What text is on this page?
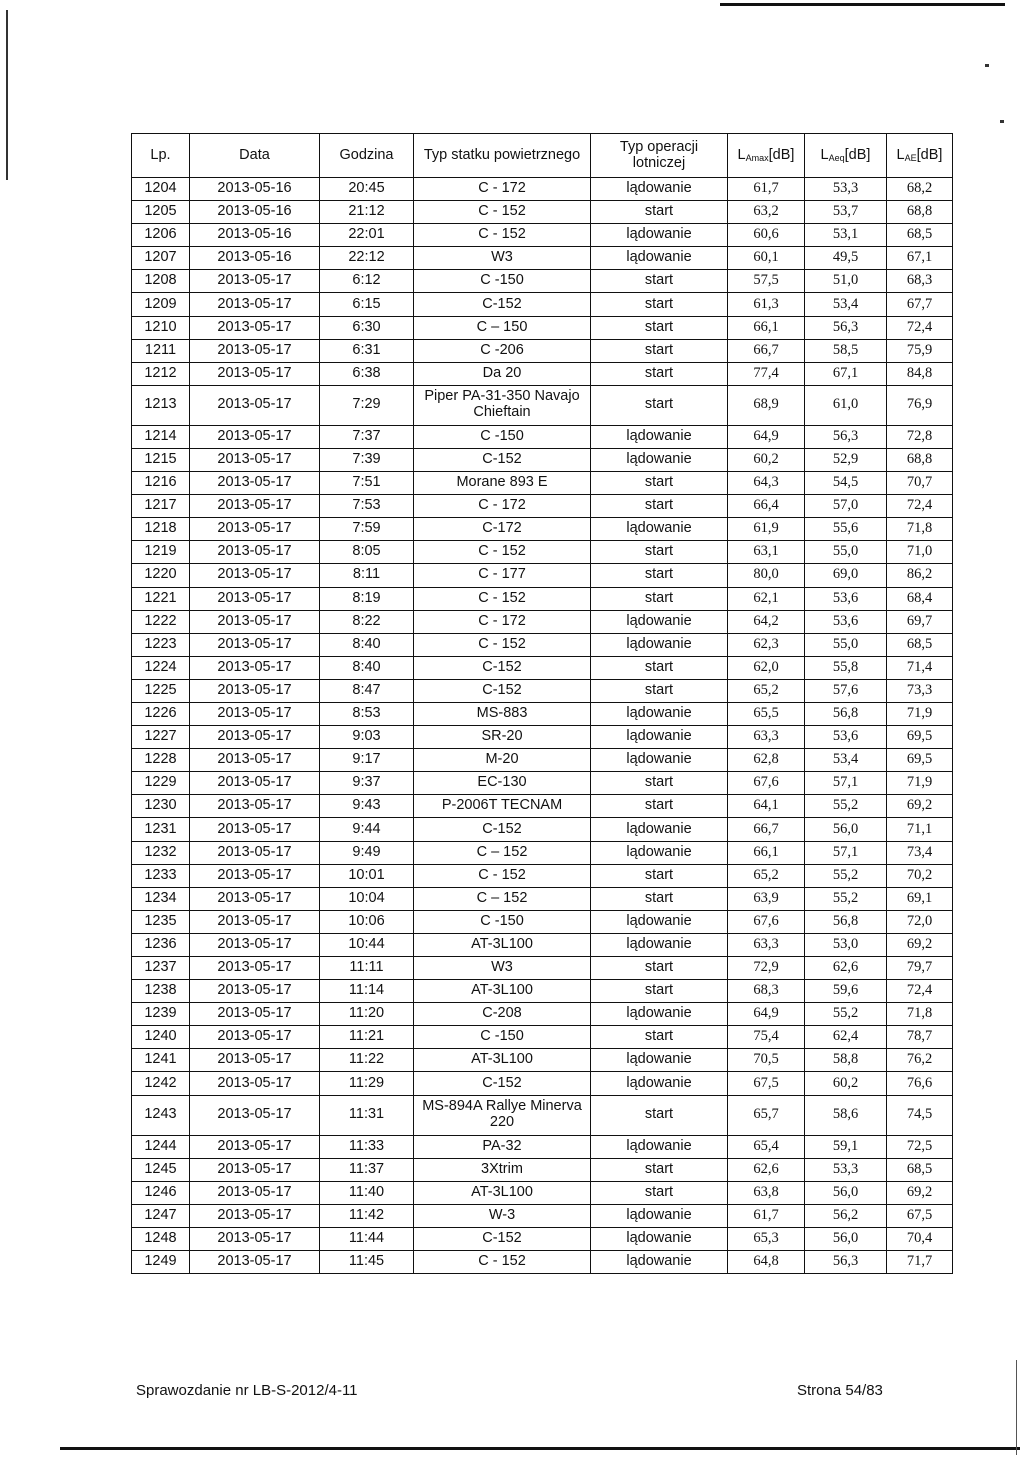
Lp.	Data	Godzina	Typ statku powietrznego	Typ operacji lotniczej	$L_{Amax}[dB]$	$L_{Aeq}[dB]$	$L_{AE}[dB]$
1204	2013-05-16	20:45	C - 172	lądowanie	61,7	53,3	68,2
1205	2013-05-16	21:12	C - 152	start	63,2	53,7	68,8
1206	2013-05-16	22:01	C - 152	lądowanie	60,6	53,1	68,5
1207	2013-05-16	22:12	W3	lądowanie	60,1	49,5	67,1
1208	2013-05-17	6:12	C -150	start	57,5	51,0	68,3
1209	2013-05-17	6:15	C-152	start	61,3	53,4	67,7
1210	2013-05-17	6:30	C – 150	start	66,1	56,3	72,4
1211	2013-05-17	6:31	C -206	start	66,7	58,5	75,9
1212	2013-05-17	6:38	Da 20	start	77,4	67,1	84,8
1213	2013-05-17	7:29	Piper PA-31-350 Navajo Chieftain	start	68,9	61,0	76,9
1214	2013-05-17	7:37	C -150	lądowanie	64,9	56,3	72,8
1215	2013-05-17	7:39	C-152	lądowanie	60,2	52,9	68,8
1216	2013-05-17	7:51	Morane 893 E	start	64,3	54,5	70,7
1217	2013-05-17	7:53	C - 172	start	66,4	57,0	72,4
1218	2013-05-17	7:59	C-172	lądowanie	61,9	55,6	71,8
1219	2013-05-17	8:05	C - 152	start	63,1	55,0	71,0
1220	2013-05-17	8:11	C - 177	start	80,0	69,0	86,2
1221	2013-05-17	8:19	C - 152	start	62,1	53,6	68,4
1222	2013-05-17	8:22	C - 172	lądowanie	64,2	53,6	69,7
1223	2013-05-17	8:40	C - 152	lądowanie	62,3	55,0	68,5
1224	2013-05-17	8:40	C-152	start	62,0	55,8	71,4
1225	2013-05-17	8:47	C-152	start	65,2	57,6	73,3
1226	2013-05-17	8:53	MS-883	lądowanie	65,5	56,8	71,9
1227	2013-05-17	9:03	SR-20	lądowanie	63,3	53,6	69,5
1228	2013-05-17	9:17	M-20	lądowanie	62,8	53,4	69,5
1229	2013-05-17	9:37	EC-130	start	67,6	57,1	71,9
1230	2013-05-17	9:43	P-2006T TECNAM	start	64,1	55,2	69,2
1231	2013-05-17	9:44	C-152	lądowanie	66,7	56,0	71,1
1232	2013-05-17	9:49	C – 152	lądowanie	66,1	57,1	73,4
1233	2013-05-17	10:01	C - 152	start	65,2	55,2	70,2
1234	2013-05-17	10:04	C – 152	start	63,9	55,2	69,1
1235	2013-05-17	10:06	C -150	lądowanie	67,6	56,8	72,0
1236	2013-05-17	10:44	AT-3L100	lądowanie	63,3	53,0	69,2
1237	2013-05-17	11:11	W3	start	72,9	62,6	79,7
1238	2013-05-17	11:14	AT-3L100	start	68,3	59,6	72,4
1239	2013-05-17	11:20	C-208	lądowanie	64,9	55,2	71,8
1240	2013-05-17	11:21	C -150	start	75,4	62,4	78,7
1241	2013-05-17	11:22	AT-3L100	lądowanie	70,5	58,8	76,2
1242	2013-05-17	11:29	C-152	lądowanie	67,5	60,2	76,6
1243	2013-05-17	11:31	MS-894A Rallye Minerva 220	start	65,7	58,6	74,5
1244	2013-05-17	11:33	PA-32	lądowanie	65,4	59,1	72,5
1245	2013-05-17	11:37	3Xtrim	start	62,6	53,3	68,5
1246	2013-05-17	11:40	AT-3L100	start	63,8	56,0	69,2
1247	2013-05-17	11:42	W-3	lądowanie	61,7	56,2	67,5
1248	2013-05-17	11:44	C-152	lądowanie	65,3	56,0	70,4
1249	2013-05-17	11:45	C - 152	lądowanie	64,8	56,3	71,7
Sprawozdanie nr LB-S-2012/4-11	Strona 54/83
